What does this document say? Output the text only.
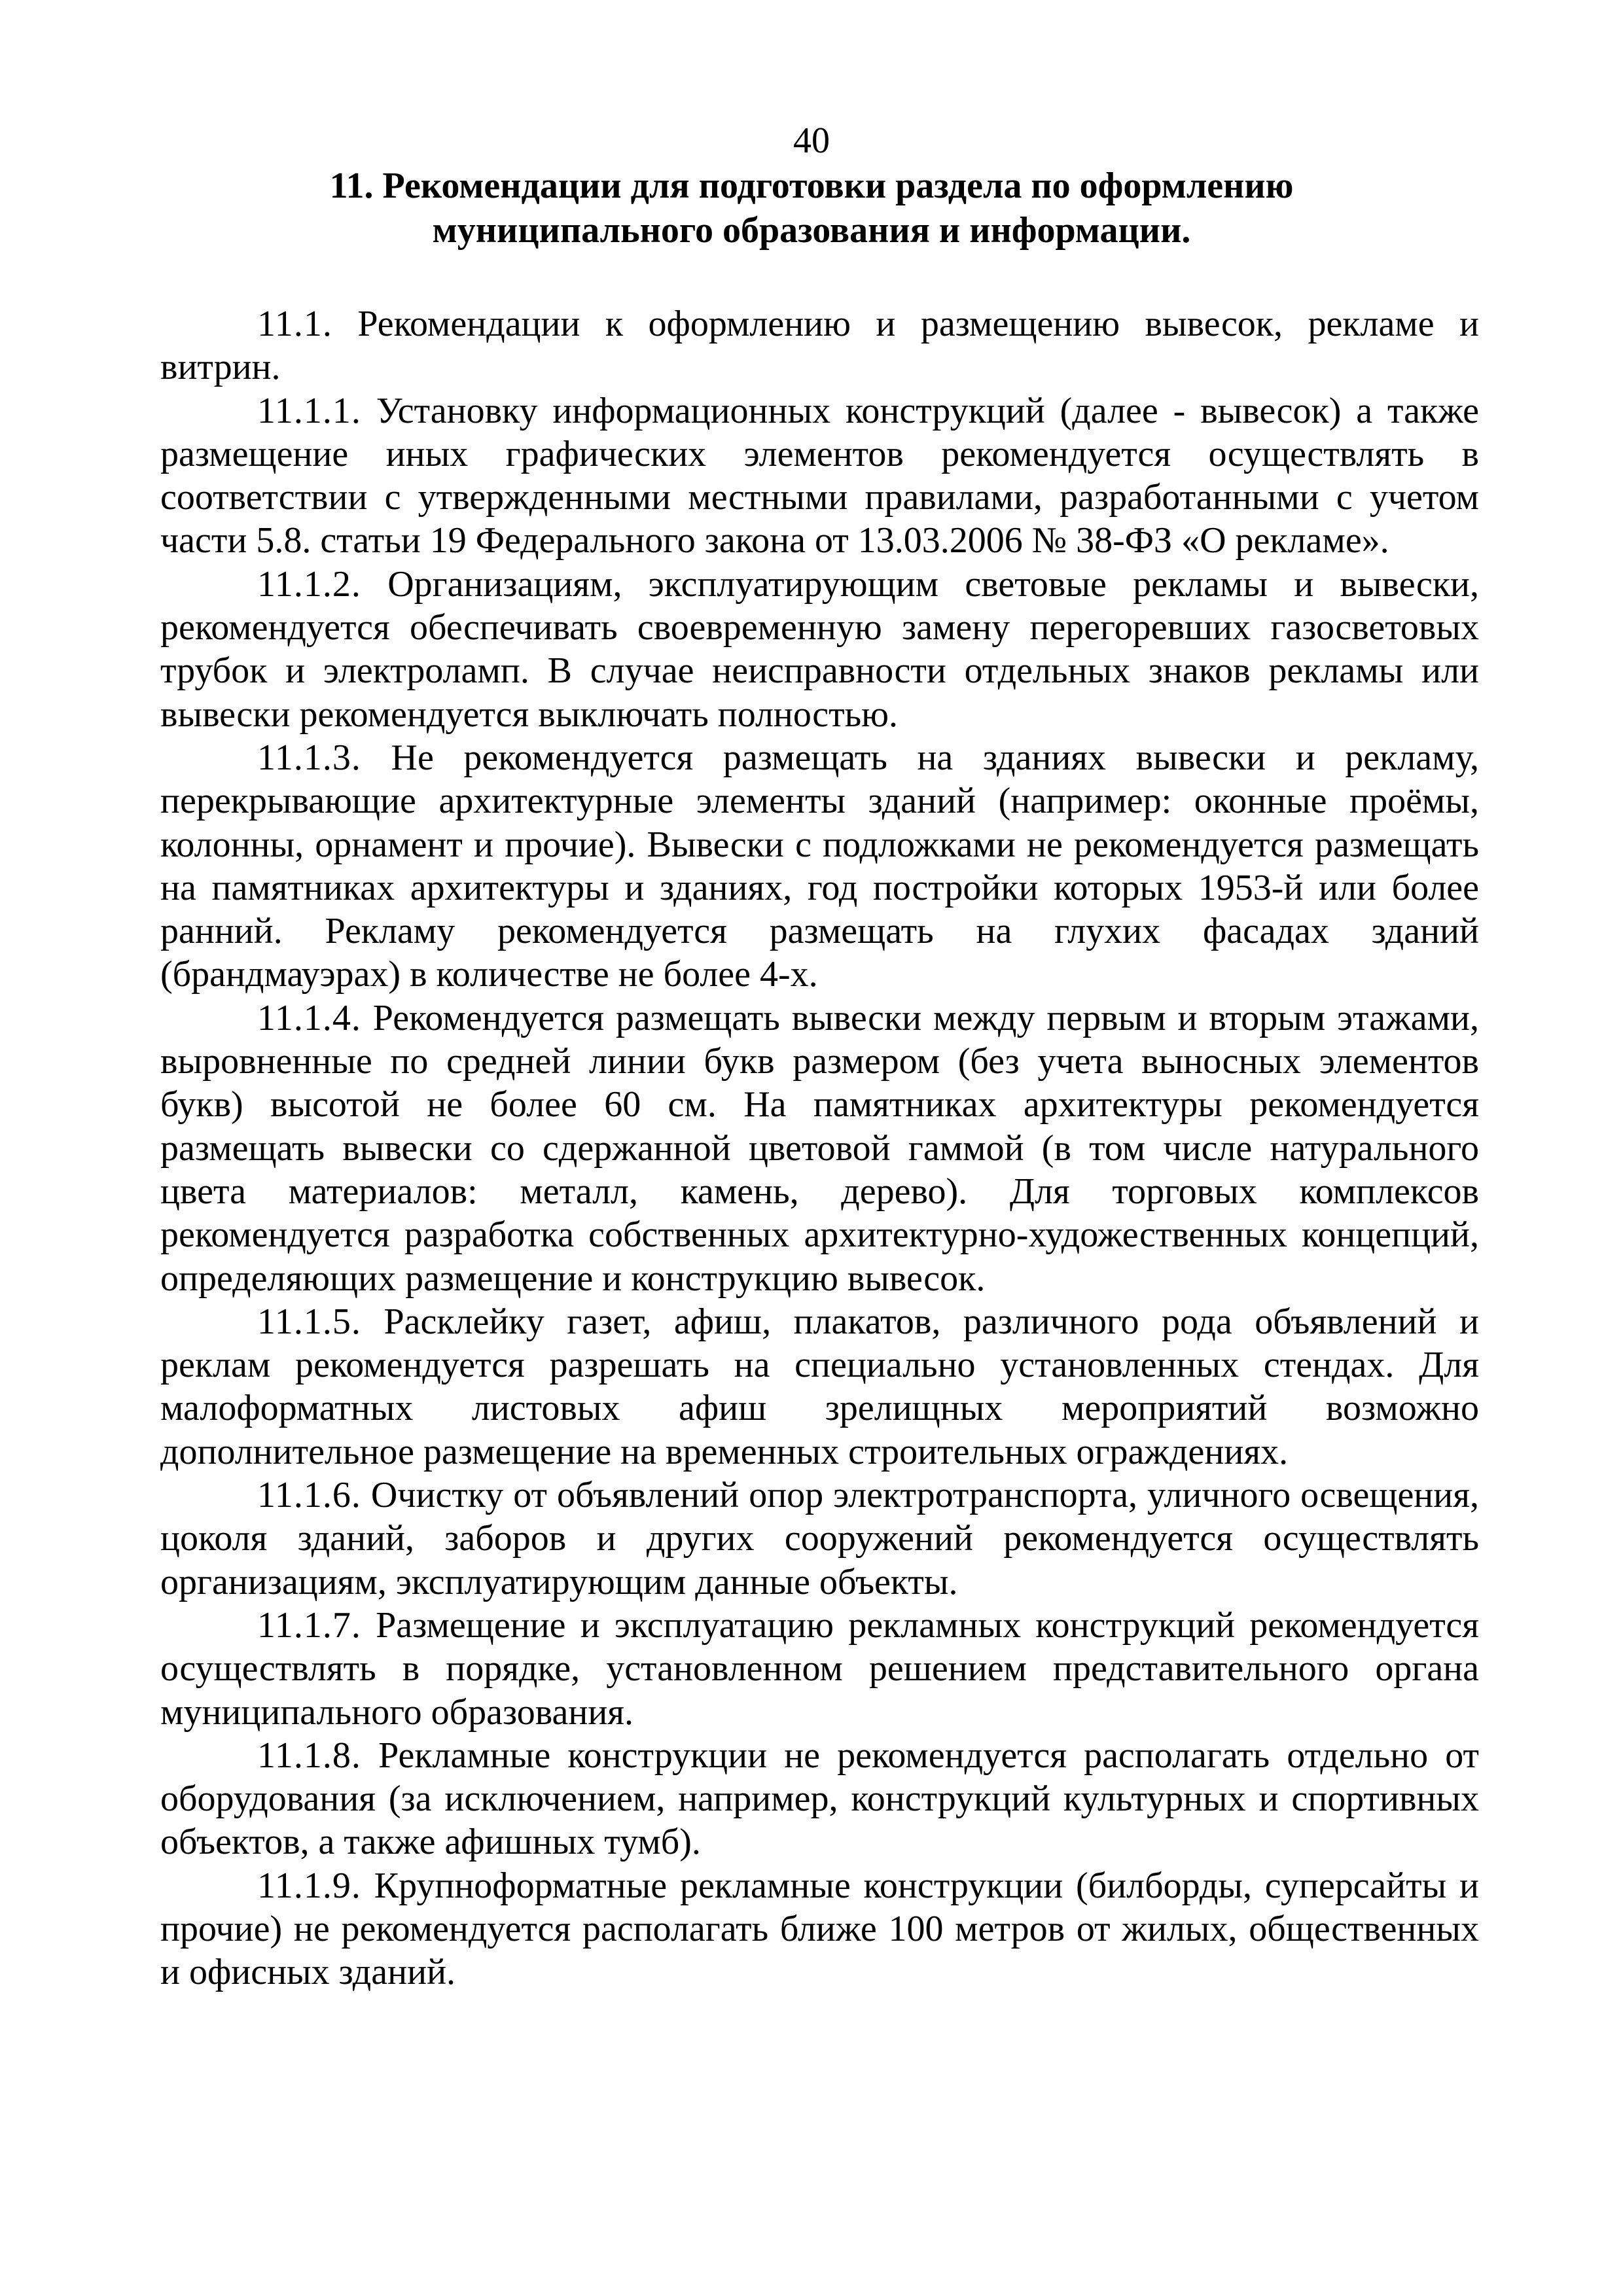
40
11. Рекомендации для подготовки раздела по оформлению
муниципального образования и информации.

11.1. Рекомендации к оформлению и размещению вывесок, рекламе и витрин.

11.1.1. Установку информационных конструкций (далее - вывесок) а также размещение иных графических элементов рекомендуется осуществлять в соответствии с утвержденными местными правилами, разработанными с учетом части 5.8. статьи 19 Федерального закона от 13.03.2006 № 38-ФЗ «О рекламе».

11.1.2. Организациям, эксплуатирующим световые рекламы и вывески, рекомендуется обеспечивать своевременную замену перегоревших газосветовых трубок и электроламп. В случае неисправности отдельных знаков рекламы или вывески рекомендуется выключать полностью.

11.1.3. Не рекомендуется размещать на зданиях вывески и рекламу, перекрывающие архитектурные элементы зданий (например: оконные проёмы, колонны, орнамент и прочие). Вывески с подложками не рекомендуется размещать на памятниках архитектуры и зданиях, год постройки которых 1953-й или более ранний. Рекламу рекомендуется размещать на глухих фасадах зданий (брандмауэрах) в количестве не более 4-х.

11.1.4. Рекомендуется размещать вывески между первым и вторым этажами, выровненные по средней линии букв размером (без учета выносных элементов букв) высотой не более 60 см. На памятниках архитектуры рекомендуется размещать вывески со сдержанной цветовой гаммой (в том числе натурального цвета материалов: металл, камень, дерево). Для торговых комплексов рекомендуется разработка собственных архитектурно-художественных концепций, определяющих размещение и конструкцию вывесок.

11.1.5. Расклейку газет, афиш, плакатов, различного рода объявлений и реклам рекомендуется разрешать на специально установленных стендах. Для малоформатных листовых афиш зрелищных мероприятий возможно дополнительное размещение на временных строительных ограждениях.

11.1.6. Очистку от объявлений опор электротранспорта, уличного освещения, цоколя зданий, заборов и других сооружений рекомендуется осуществлять организациям, эксплуатирующим данные объекты.

11.1.7. Размещение и эксплуатацию рекламных конструкций рекомендуется осуществлять в порядке, установленном решением представительного органа муниципального образования.

11.1.8. Рекламные конструкции не рекомендуется располагать отдельно от оборудования (за исключением, например, конструкций культурных и спортивных объектов, а также афишных тумб).

11.1.9. Крупноформатные рекламные конструкции (билборды, суперсайты и прочие) не рекомендуется располагать ближе 100 метров от жилых, общественных и офисных зданий.
